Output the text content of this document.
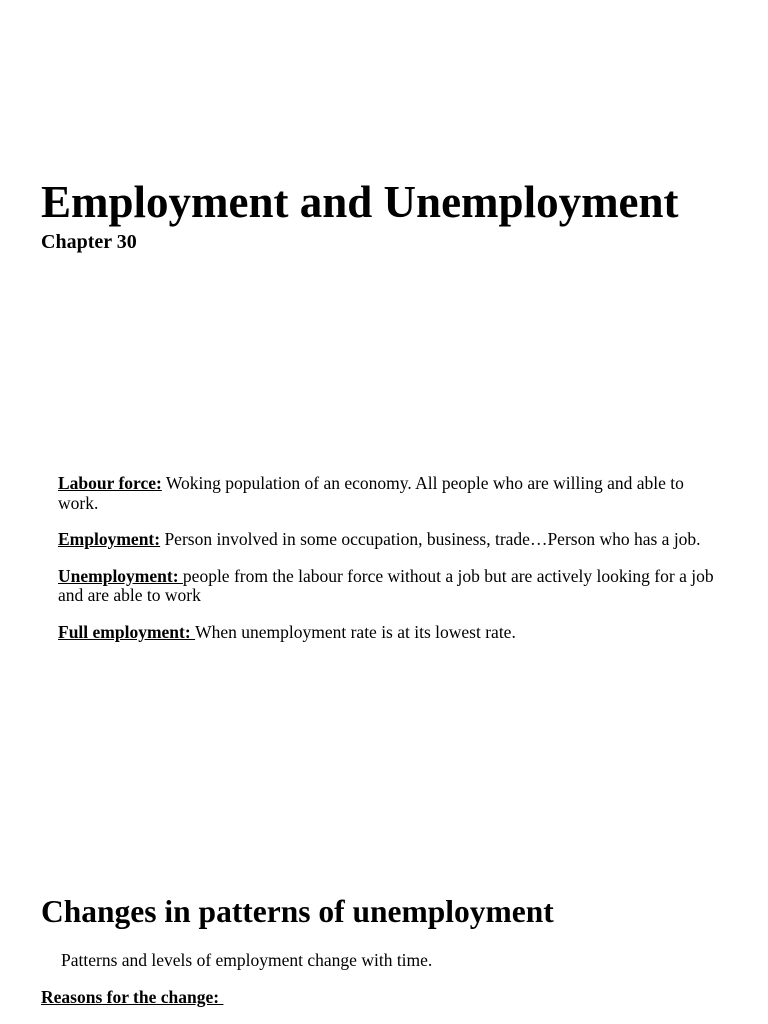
Employment and Unemployment
Chapter 30
Labour force: Woking population of an economy. All people who are willing and able to work.
Employment: Person involved in some occupation, business, trade…Person who has a job.
Unemployment: people from the labour force without a job but are actively looking for a job and are able to work
Full employment: When unemployment rate is at its lowest rate.
Changes in patterns of unemployment

Patterns and levels of employment change with time.

Reasons for the change:
